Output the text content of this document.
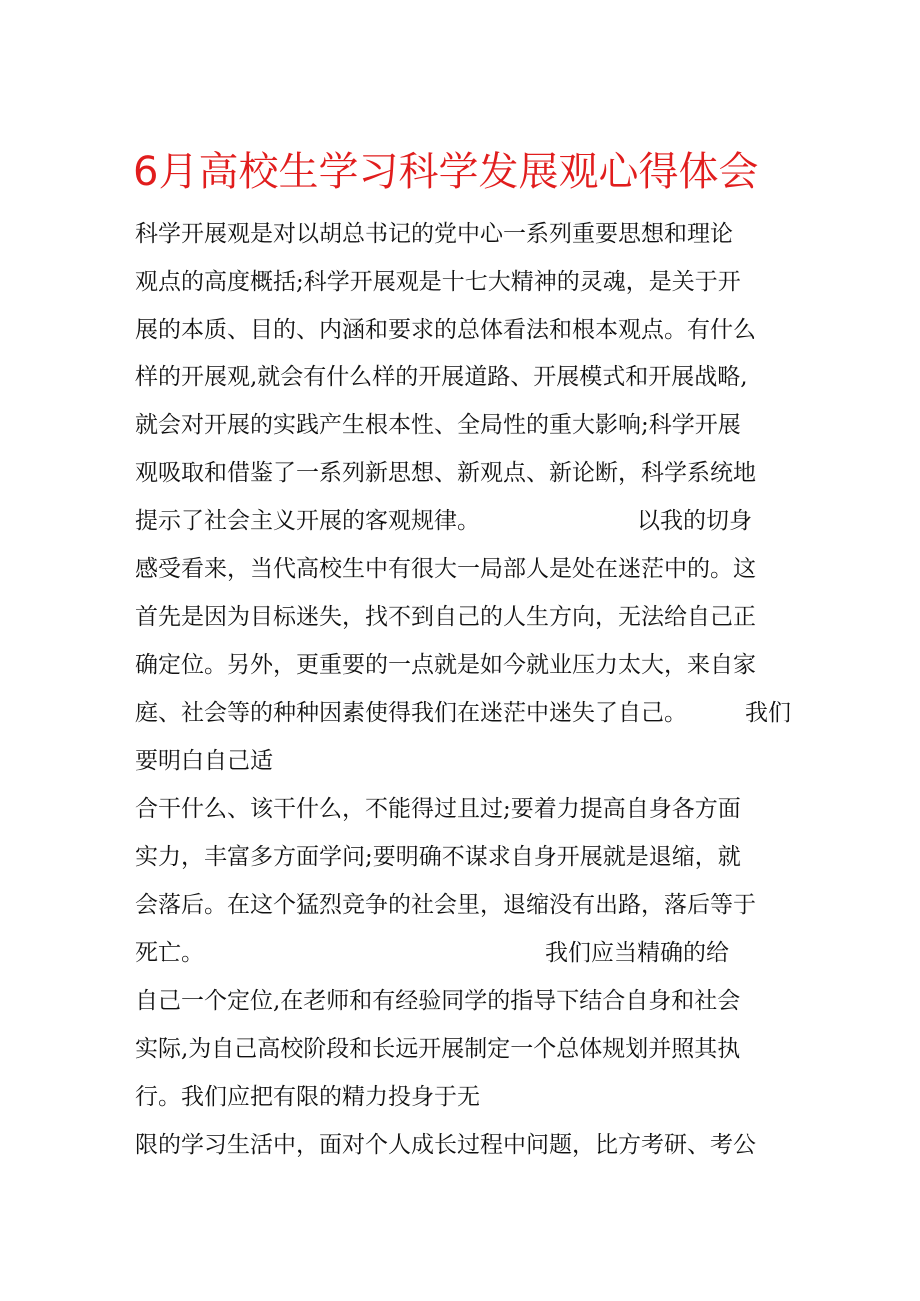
6月高校生学习科学发展观心得体会

科学开展观是对以胡总书记的党中心一系列重要思想和理论

观点的高度概括;科学开展观是十七大精神的灵魂，是关于开

展的本质、目的、内涵和要求的总体看法和根本观点。有什么

样的开展观,就会有什么样的开展道路、开展模式和开展战略,

就会对开展的实践产生根本性、全局性的重大影响;科学开展

观吸取和借鉴了一系列新思想、新观点、新论断，科学系统地

提示了社会主义开展的客观规律。	以我的切身

感受看来，当代高校生中有很大一局部人是处在迷茫中的。这

首先是因为目标迷失，找不到自己的人生方向，无法给自己正

确定位。另外，更重要的一点就是如今就业压力太大，来自家

庭、社会等的种种因素使得我们在迷茫中迷失了自己。	我们

要明白自己适

合干什么、该干什么，不能得过且过;要着力提高自身各方面

实力，丰富多方面学问;要明确不谋求自身开展就是退缩，就

会落后。在这个猛烈竞争的社会里，退缩没有出路，落后等于

死亡。	我们应当精确的给

自己一个定位,在老师和有经验同学的指导下结合自身和社会

实际,为自己高校阶段和长远开展制定一个总体规划并照其执

行。我们应把有限的精力投身于无

限的学习生活中，面对个人成长过程中问题，比方考研、考公
